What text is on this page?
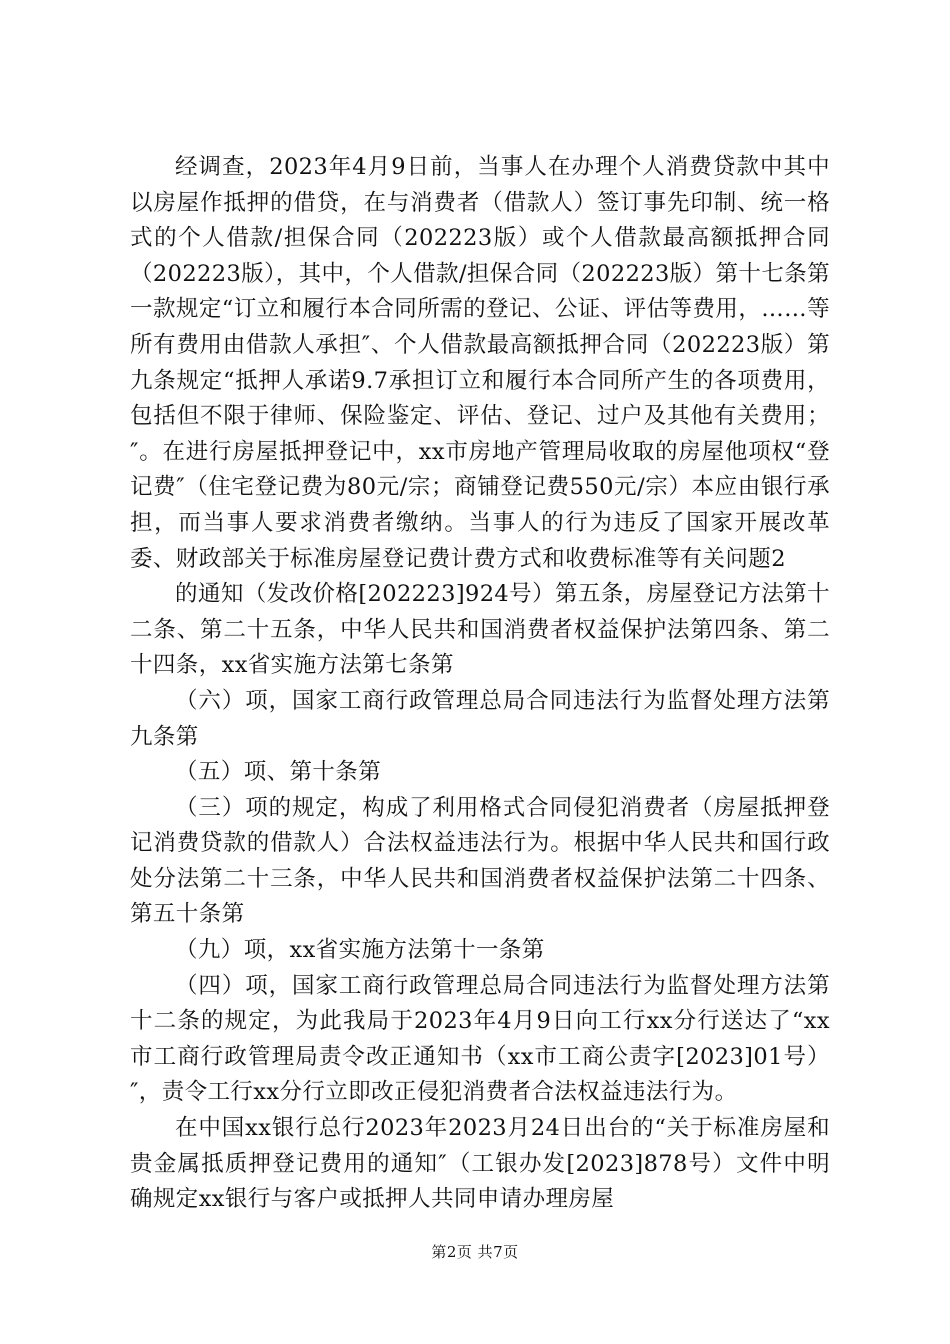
经调查，2023年4月9日前，当事人在办理个人消费贷款中其中以房屋作抵押的借贷，在与消费者（借款人）签订事先印制、统一格式的个人借款/担保合同（202223版）或个人借款最高额抵押合同（202223版），其中，个人借款/担保合同（202223版）第十七条第一款规定“订立和履行本合同所需的登记、公证、评估等费用，……等所有费用由借款人承担″、个人借款最高额抵押合同（202223版）第九条规定“抵押人承诺9.7承担订立和履行本合同所产生的各项费用，包括但不限于律师、保险鉴定、评估、登记、过户及其他有关费用；″。在进行房屋抵押登记中，xx市房地产管理局收取的房屋他项权“登记费″（住宅登记费为80元/宗；商铺登记费550元/宗）本应由银行承担，而当事人要求消费者缴纳。当事人的行为违反了国家开展改革委、财政部关于标准房屋登记费计费方式和收费标准等有关问题2

的通知（发改价格[202223]924号）第五条，房屋登记方法第十二条、第二十五条，中华人民共和国消费者权益保护法第四条、第二十四条，xx省实施方法第七条第

（六）项，国家工商行政管理总局合同违法行为监督处理方法第九条第

（五）项、第十条第

（三）项的规定，构成了利用格式合同侵犯消费者（房屋抵押登记消费贷款的借款人）合法权益违法行为。根据中华人民共和国行政处分法第二十三条，中华人民共和国消费者权益保护法第二十四条、第五十条第

（九）项，xx省实施方法第十一条第

（四）项，国家工商行政管理总局合同违法行为监督处理方法第十二条的规定，为此我局于2023年4月9日向工行xx分行送达了“xx市工商行政管理局责令改正通知书（xx市工商公责字[2023]01号）″，责令工行xx分行立即改正侵犯消费者合法权益违法行为。

在中国xx银行总行2023年2023月24日出台的“关于标准房屋和贵金属抵质押登记费用的通知″（工银办发[2023]878号）文件中明确规定xx银行与客户或抵押人共同申请办理房屋

第2页 共7页
